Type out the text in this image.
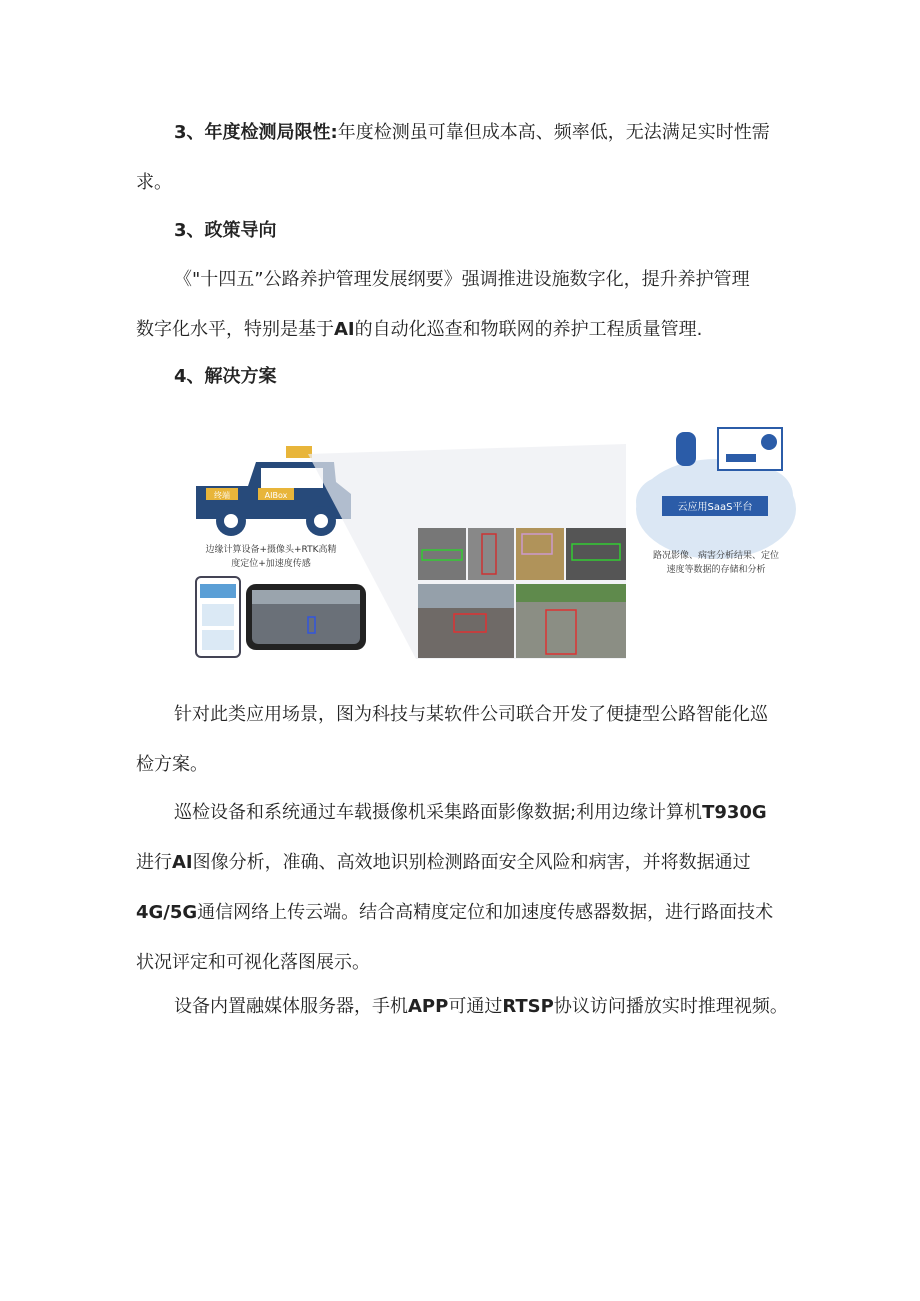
3、年度检测局限性:年度检测虽可靠但成本高、频率低，无法满足实时性需
求。
3、政策导向
《"十四五”公路养护管理发展纲要》强调推进设施数字化，提升养护管理
数字化水平，特别是基于AI的自动化巡查和物联网的养护工程质量管理.
4、解决方案
终端	AIBox
边缘计算设备+摄像头+RTK高精
度定位+加速度传感
云应用SaaS平台
路况影像、病害分析结果、定位
速度等数据的存储和分析
针对此类应用场景，图为科技与某软件公司联合开发了便捷型公路智能化巡
检方案。
巡检设备和系统通过车载摄像机采集路面影像数据;利用边缘计算机T930G
进行AI图像分析，准确、高效地识别检测路面安全风险和病害，并将数据通过
4G/5G通信网络上传云端。结合高精度定位和加速度传感器数据，进行路面技术
状况评定和可视化落图展示。
设备内置融媒体服务器，手机APP可通过RTSP协议访问播放实时推理视频。
